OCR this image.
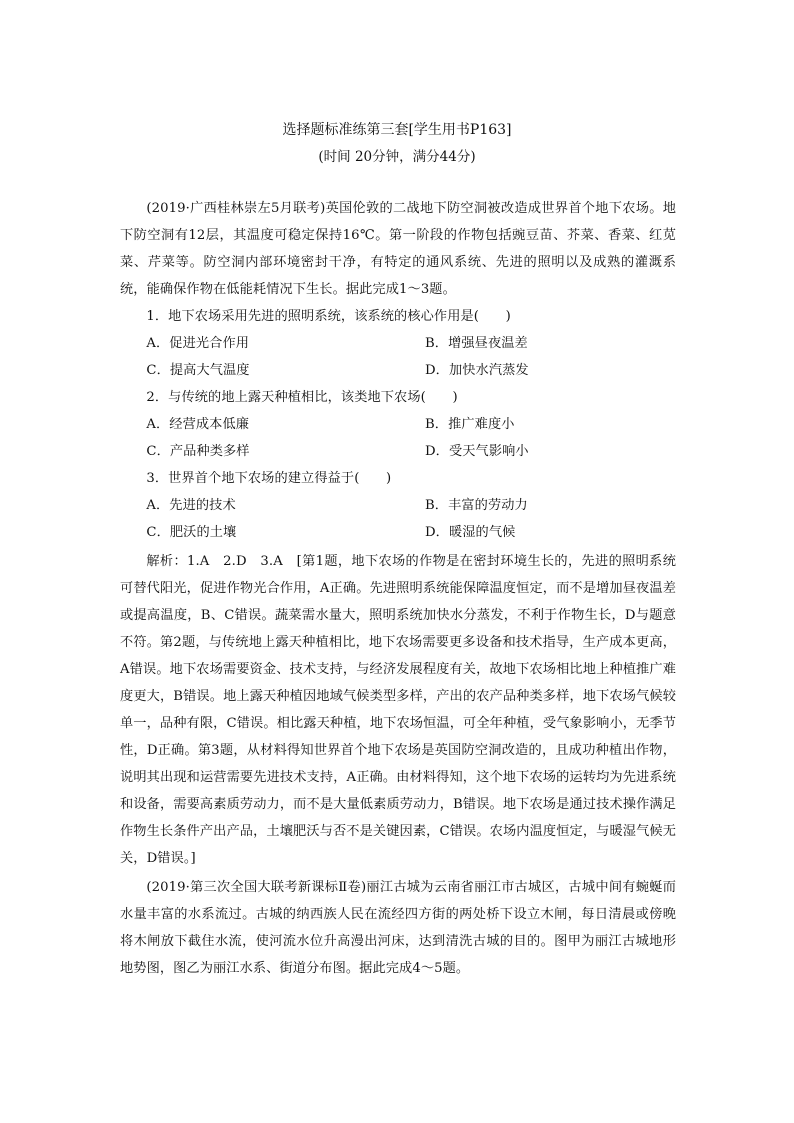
选择题标准练第三套[学生用书P163]
(时间 20分钟，满分44分)

(2019·广西桂林崇左5月联考)英国伦敦的二战地下防空洞被改造成世界首个地下农场。地下防空洞有12层，其温度可稳定保持16℃。第一阶段的作物包括豌豆苗、芥菜、香菜、红苋菜、芹菜等。防空洞内部环境密封干净，有特定的通风系统、先进的照明以及成熟的灌溉系统，能确保作物在低能耗情况下生长。据此完成1～3题。

1．地下农场采用先进的照明系统，该系统的核心作用是(　　)

A．促进光合作用	B．增强昼夜温差
C．提高大气温度	D．加快水汽蒸发

2．与传统的地上露天种植相比，该类地下农场(　　)

A．经营成本低廉	B．推广难度小
C．产品种类多样	D．受天气影响小

3．世界首个地下农场的建立得益于(　　)

A．先进的技术	B．丰富的劳动力
C．肥沃的土壤	D．暖湿的气候

解析：1.A　2.D　3.A　[第1题，地下农场的作物是在密封环境生长的，先进的照明系统可替代阳光，促进作物光合作用，A正确。先进照明系统能保障温度恒定，而不是增加昼夜温差或提高温度，B、C错误。蔬菜需水量大，照明系统加快水分蒸发，不利于作物生长，D与题意不符。第2题，与传统地上露天种植相比，地下农场需要更多设备和技术指导，生产成本更高，A错误。地下农场需要资金、技术支持，与经济发展程度有关，故地下农场相比地上种植推广难度更大，B错误。地上露天种植因地域气候类型多样，产出的农产品种类多样，地下农场气候较单一，品种有限，C错误。相比露天种植，地下农场恒温，可全年种植，受气象影响小，无季节性，D正确。第3题，从材料得知世界首个地下农场是英国防空洞改造的，且成功种植出作物，说明其出现和运营需要先进技术支持，A正确。由材料得知，这个地下农场的运转均为先进系统和设备，需要高素质劳动力，而不是大量低素质劳动力，B错误。地下农场是通过技术操作满足作物生长条件产出产品，土壤肥沃与否不是关键因素，C错误。农场内温度恒定，与暖湿气候无关，D错误。]

(2019·第三次全国大联考新课标Ⅱ卷)丽江古城为云南省丽江市古城区，古城中间有蜿蜒而水量丰富的水系流过。古城的纳西族人民在流经四方街的两处桥下设立木闸，每日清晨或傍晚将木闸放下截住水流，使河流水位升高漫出河床，达到清洗古城的目的。图甲为丽江古城地形地势图，图乙为丽江水系、街道分布图。据此完成4～5题。
